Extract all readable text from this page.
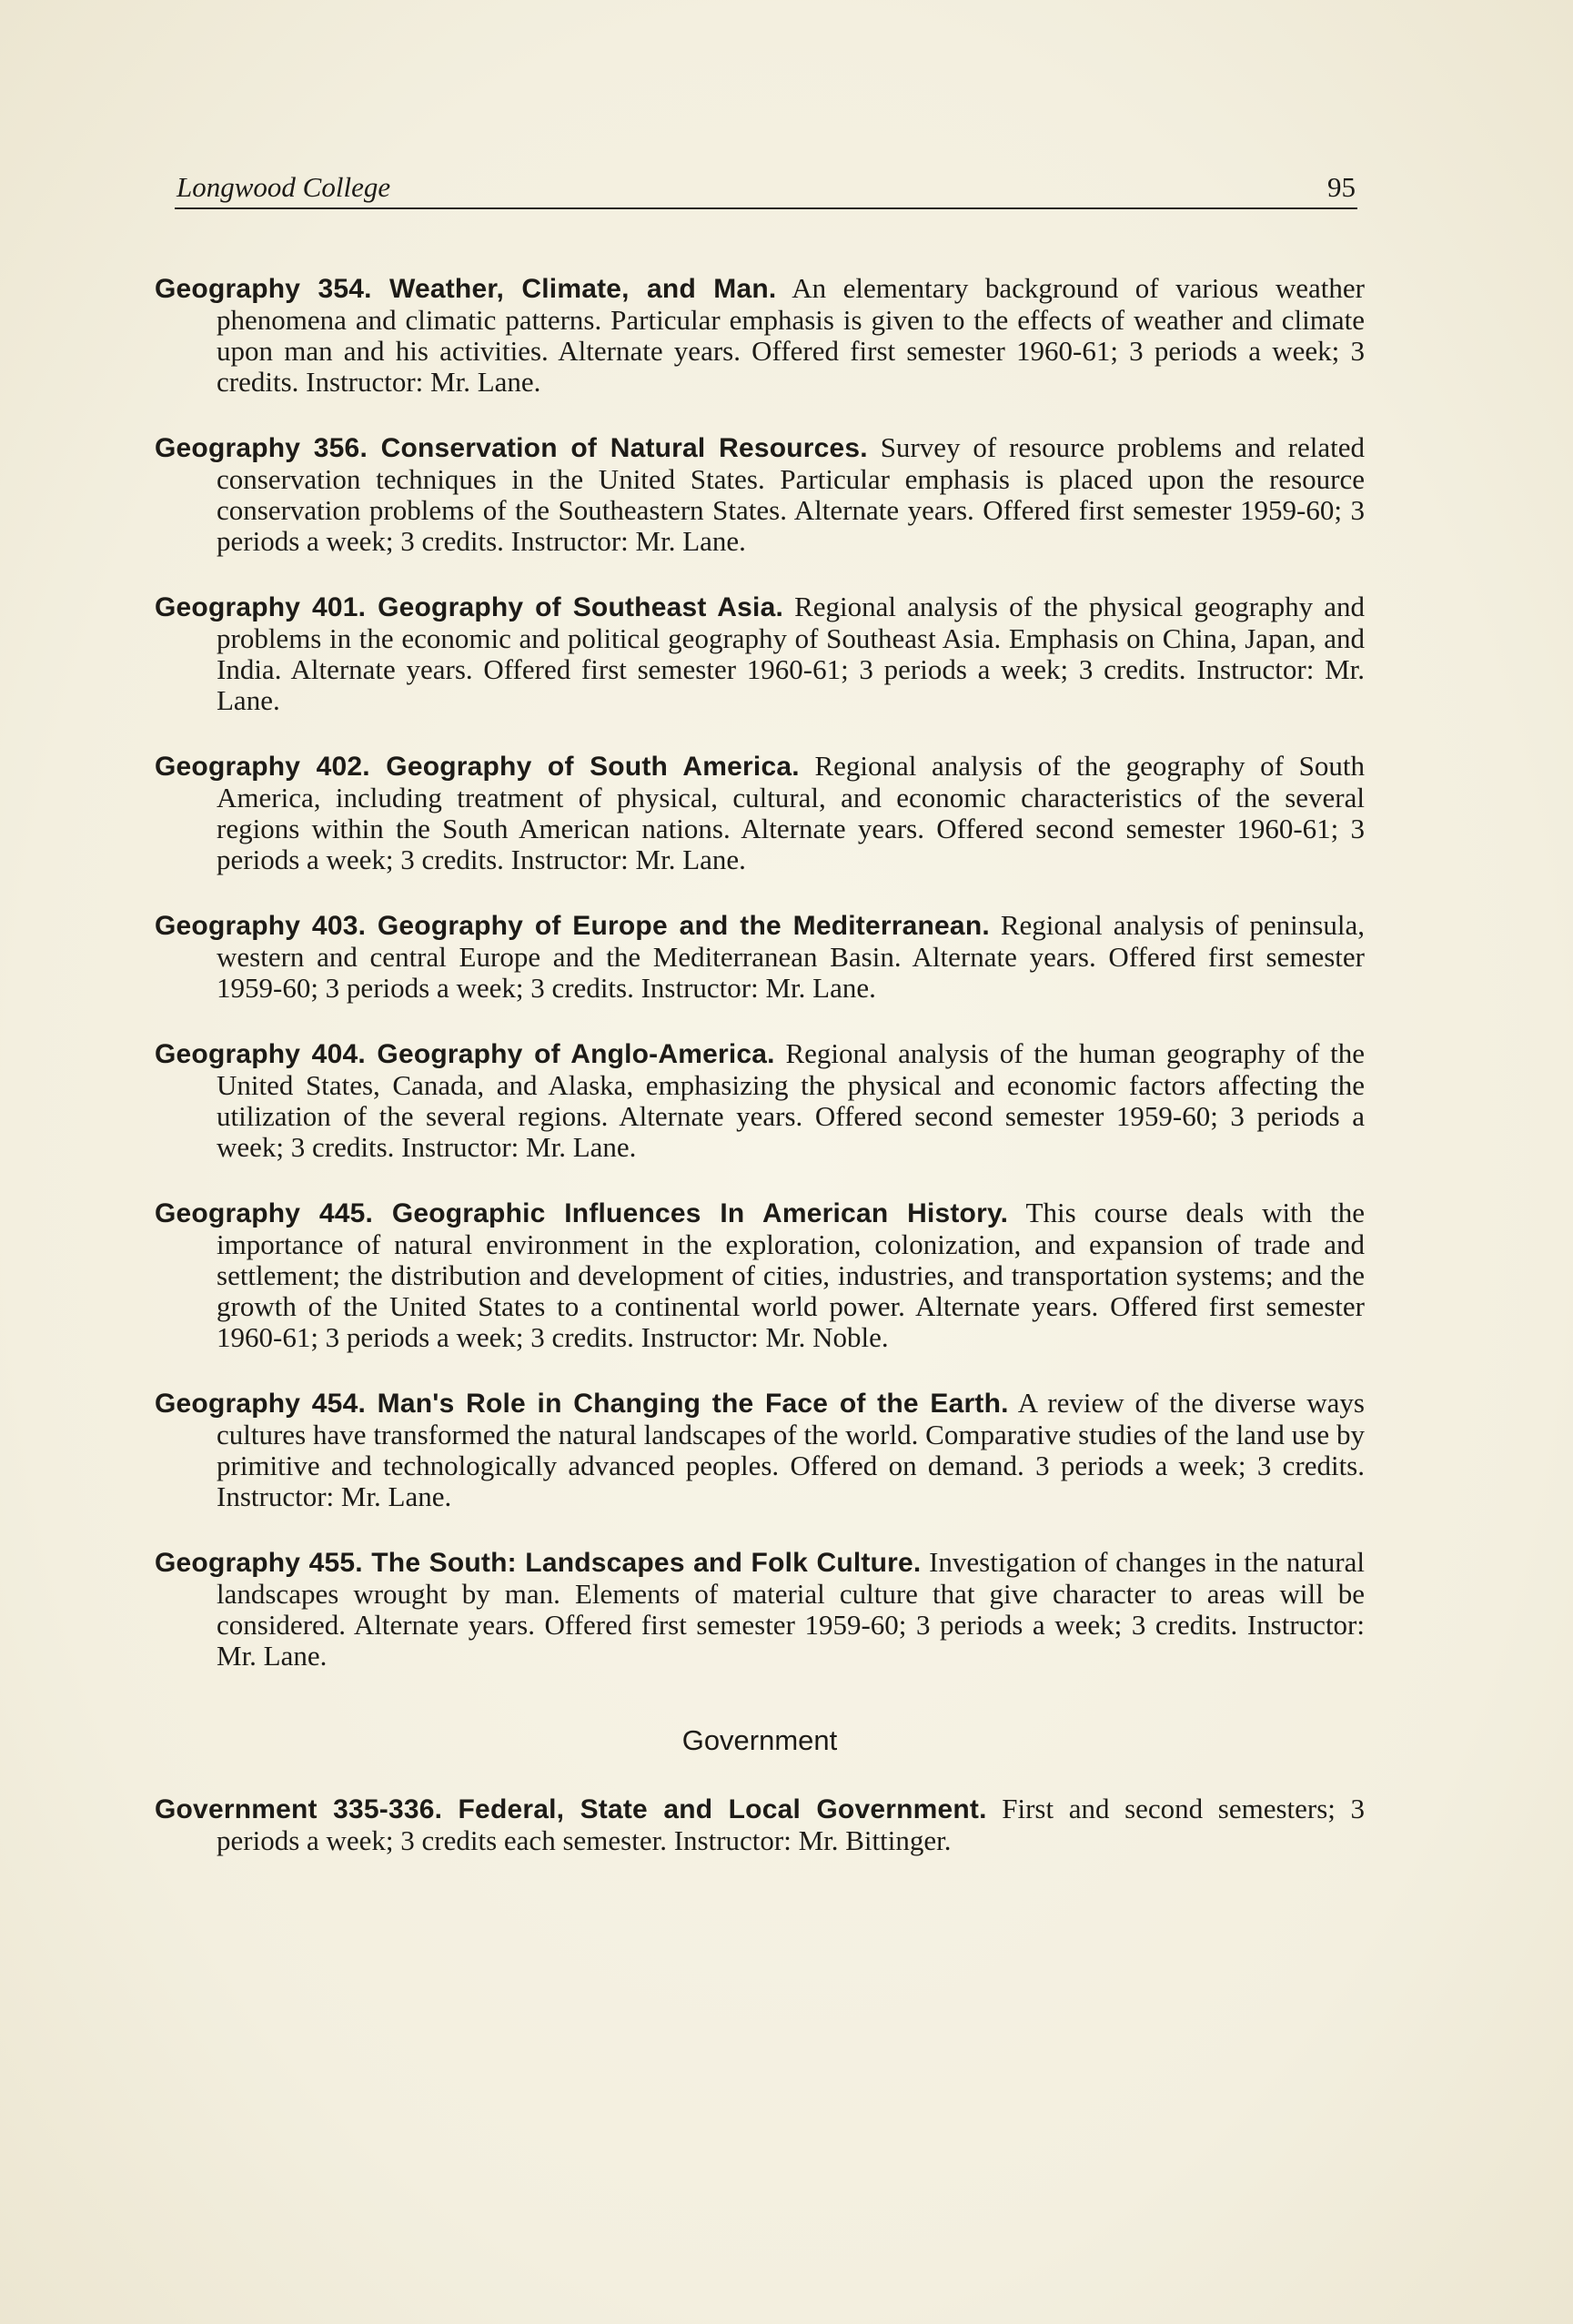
Longwood College	95

Geography 354. Weather, Climate, and Man. An elementary background of various weather phenomena and climatic patterns. Particular emphasis is given to the effects of weather and climate upon man and his activities. Alternate years. Offered first semester 1960-61; 3 periods a week; 3 credits. Instructor: Mr. Lane.

Geography 356. Conservation of Natural Resources. Survey of resource problems and related conservation techniques in the United States. Particular emphasis is placed upon the resource conservation problems of the Southeastern States. Alternate years. Offered first semester 1959-60; 3 periods a week; 3 credits. Instructor: Mr. Lane.

Geography 401. Geography of Southeast Asia. Regional analysis of the physical geography and problems in the economic and political geography of Southeast Asia. Emphasis on China, Japan, and India. Alternate years. Offered first semester 1960-61; 3 periods a week; 3 credits. Instructor: Mr. Lane.

Geography 402. Geography of South America. Regional analysis of the geography of South America, including treatment of physical, cultural, and economic characteristics of the several regions within the South American nations. Alternate years. Offered second semester 1960-61; 3 periods a week; 3 credits. Instructor: Mr. Lane.

Geography 403. Geography of Europe and the Mediterranean. Regional analysis of peninsula, western and central Europe and the Mediterranean Basin. Alternate years. Offered first semester 1959-60; 3 periods a week; 3 credits. Instructor: Mr. Lane.

Geography 404. Geography of Anglo-America. Regional analysis of the human geography of the United States, Canada, and Alaska, emphasizing the physical and economic factors affecting the utilization of the several regions. Alternate years. Offered second semester 1959-60; 3 periods a week; 3 credits. Instructor: Mr. Lane.

Geography 445. Geographic Influences In American History. This course deals with the importance of natural environment in the exploration, colonization, and expansion of trade and settlement; the distribution and development of cities, industries, and transportation systems; and the growth of the United States to a continental world power. Alternate years. Offered first semester 1960-61; 3 periods a week; 3 credits. Instructor: Mr. Noble.

Geography 454. Man's Role in Changing the Face of the Earth. A review of the diverse ways cultures have transformed the natural landscapes of the world. Comparative studies of the land use by primitive and technologically advanced peoples. Offered on demand. 3 periods a week; 3 credits. Instructor: Mr. Lane.

Geography 455. The South: Landscapes and Folk Culture. Investigation of changes in the natural landscapes wrought by man. Elements of material culture that give character to areas will be considered. Alternate years. Offered first semester 1959-60; 3 periods a week; 3 credits. Instructor: Mr. Lane.

Government

Government 335-336. Federal, State and Local Government. First and second semesters; 3 periods a week; 3 credits each semester. Instructor: Mr. Bittinger.
